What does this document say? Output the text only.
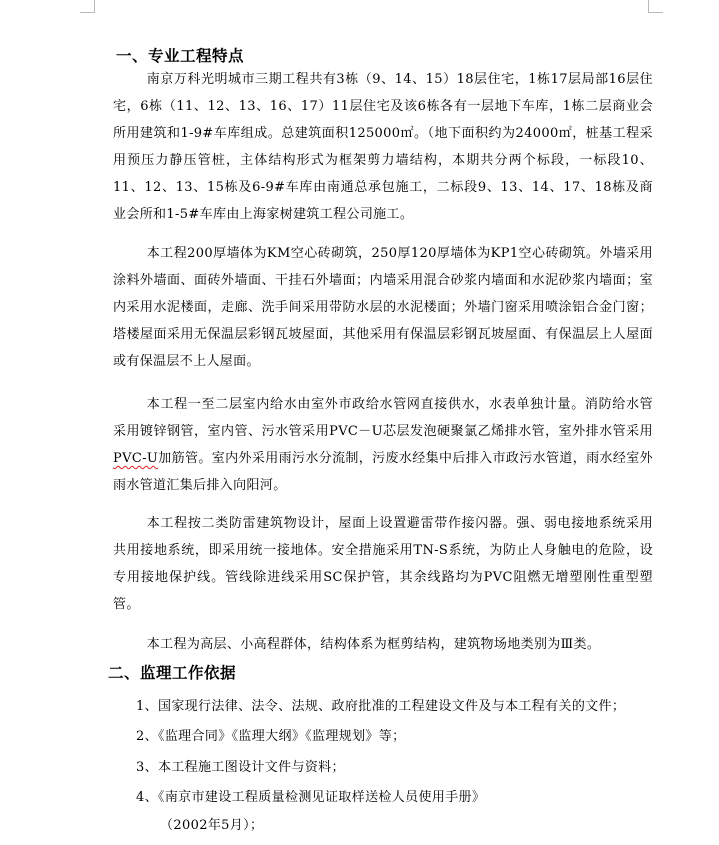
一、专业工程特点
南京万科光明城市三期工程共有3栋（9、14、15）18层住宅，1栋17层局部16层住宅，6栋（11、12、13、16、17）11层住宅及该6栋各有一层地下车库，1栋二层商业会所用建筑和1-9#车库组成。总建筑面积125000㎡。（地下面积约为24000㎡，桩基工程采用预压力静压管桩，主体结构形式为框架剪力墙结构，本期共分两个标段，一标段10、11、12、13、15栋及6-9#车库由南通总承包施工，二标段9、13、14、17、18栋及商业会所和1-5#车库由上海家树建筑工程公司施工。
本工程200厚墙体为KM空心砖砌筑，250厚120厚墙体为KP1空心砖砌筑。外墙采用涂料外墙面、面砖外墙面、干挂石外墙面；内墙采用混合砂浆内墙面和水泥砂浆内墙面；室内采用水泥楼面，走廊、洗手间采用带防水层的水泥楼面；外墙门窗采用喷涂铝合金门窗；塔楼屋面采用无保温层彩钢瓦坡屋面，其他采用有保温层彩钢瓦坡屋面、有保温层上人屋面或有保温层不上人屋面。
本工程一至二层室内给水由室外市政给水管网直接供水，水表单独计量。消防给水管采用镀锌钢管，室内管、污水管采用PVC－U芯层发泡硬聚氯乙烯排水管，室外排水管采用PVC-U加筋管。室内外采用雨污水分流制，污废水经集中后排入市政污水管道，雨水经室外雨水管道汇集后排入向阳河。
本工程按二类防雷建筑物设计，屋面上设置避雷带作接闪器。强、弱电接地系统采用共用接地系统，即采用统一接地体。安全措施采用TN-S系统，为防止人身触电的危险，设专用接地保护线。管线除进线采用SC保护管，其余线路均为PVC阻燃无增塑刚性重型塑管。
本工程为高层、小高程群体，结构体系为框剪结构，建筑物场地类别为Ⅲ类。
二、监理工作依据
1、国家现行法律、法令、法规、政府批准的工程建设文件及与本工程有关的文件；
2、《监理合同》《监理大纲》《监理规划》等；
3、本工程施工图设计文件与资料；
4、《南京市建设工程质量检测见证取样送检人员使用手册》
（2002年5月）；
